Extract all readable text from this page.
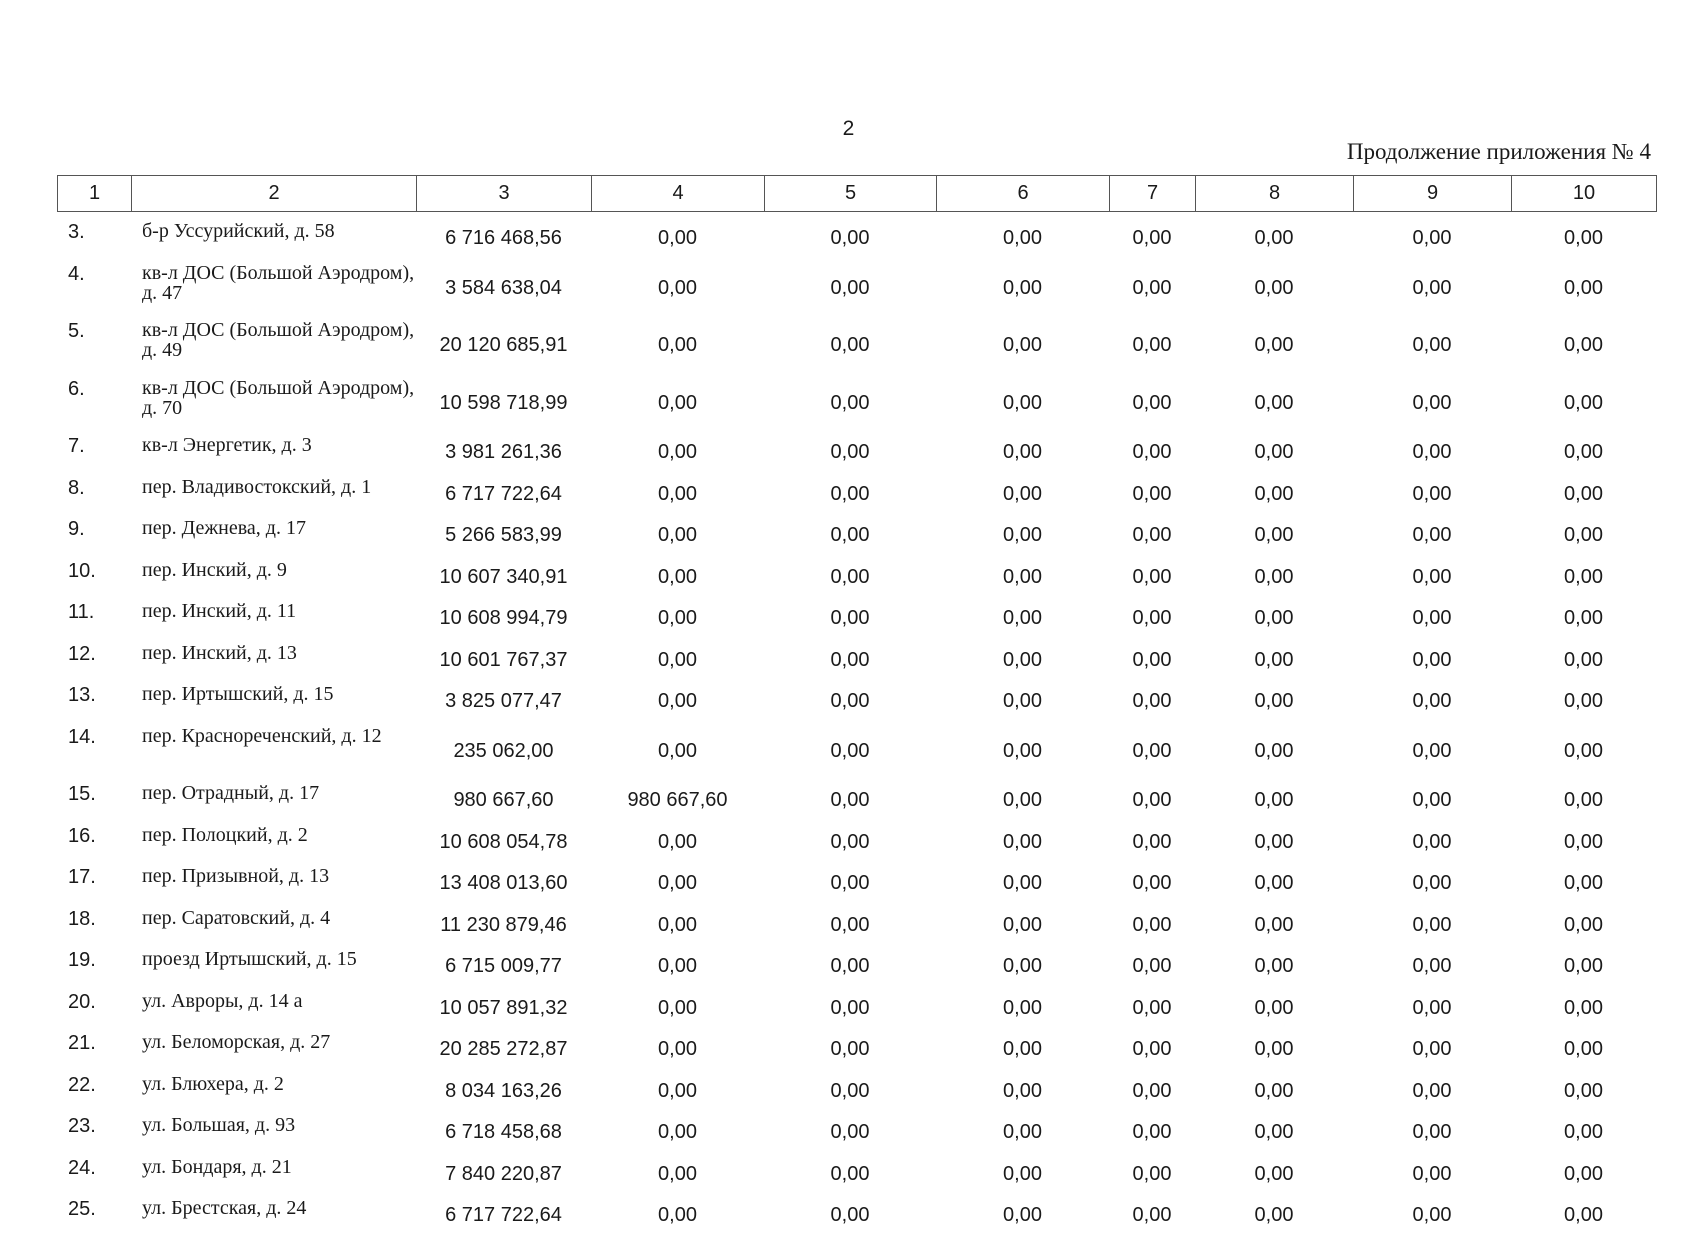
2
Продолжение приложения № 4
1	2	3	4	5	6	7	8	9	10
3.	б-р Уссурийский, д. 58	6 716 468,56	0,00	0,00	0,00	0,00	0,00	0,00	0,00
4.	кв-л ДОС (Большой Аэродром), д. 47	3 584 638,04	0,00	0,00	0,00	0,00	0,00	0,00	0,00
5.	кв-л ДОС (Большой Аэродром), д. 49	20 120 685,91	0,00	0,00	0,00	0,00	0,00	0,00	0,00
6.	кв-л ДОС (Большой Аэродром), д. 70	10 598 718,99	0,00	0,00	0,00	0,00	0,00	0,00	0,00
7.	кв-л Энергетик, д. 3	3 981 261,36	0,00	0,00	0,00	0,00	0,00	0,00	0,00
8.	пер. Владивостокский, д. 1	6 717 722,64	0,00	0,00	0,00	0,00	0,00	0,00	0,00
9.	пер. Дежнева, д. 17	5 266 583,99	0,00	0,00	0,00	0,00	0,00	0,00	0,00
10.	пер. Инский, д. 9	10 607 340,91	0,00	0,00	0,00	0,00	0,00	0,00	0,00
11.	пер. Инский, д. 11	10 608 994,79	0,00	0,00	0,00	0,00	0,00	0,00	0,00
12.	пер. Инский, д. 13	10 601 767,37	0,00	0,00	0,00	0,00	0,00	0,00	0,00
13.	пер. Иртышский, д. 15	3 825 077,47	0,00	0,00	0,00	0,00	0,00	0,00	0,00
14.	пер. Краснореченский, д. 12	235 062,00	0,00	0,00	0,00	0,00	0,00	0,00	0,00
15.	пер. Отрадный, д. 17	980 667,60	980 667,60	0,00	0,00	0,00	0,00	0,00	0,00
16.	пер. Полоцкий, д. 2	10 608 054,78	0,00	0,00	0,00	0,00	0,00	0,00	0,00
17.	пер. Призывной, д. 13	13 408 013,60	0,00	0,00	0,00	0,00	0,00	0,00	0,00
18.	пер. Саратовский, д. 4	11 230 879,46	0,00	0,00	0,00	0,00	0,00	0,00	0,00
19.	проезд Иртышский, д. 15	6 715 009,77	0,00	0,00	0,00	0,00	0,00	0,00	0,00
20.	ул. Авроры, д. 14 а	10 057 891,32	0,00	0,00	0,00	0,00	0,00	0,00	0,00
21.	ул. Беломорская, д. 27	20 285 272,87	0,00	0,00	0,00	0,00	0,00	0,00	0,00
22.	ул. Блюхера, д. 2	8 034 163,26	0,00	0,00	0,00	0,00	0,00	0,00	0,00
23.	ул. Большая, д. 93	6 718 458,68	0,00	0,00	0,00	0,00	0,00	0,00	0,00
24.	ул. Бондаря, д. 21	7 840 220,87	0,00	0,00	0,00	0,00	0,00	0,00	0,00
25.	ул. Брестская, д. 24	6 717 722,64	0,00	0,00	0,00	0,00	0,00	0,00	0,00
